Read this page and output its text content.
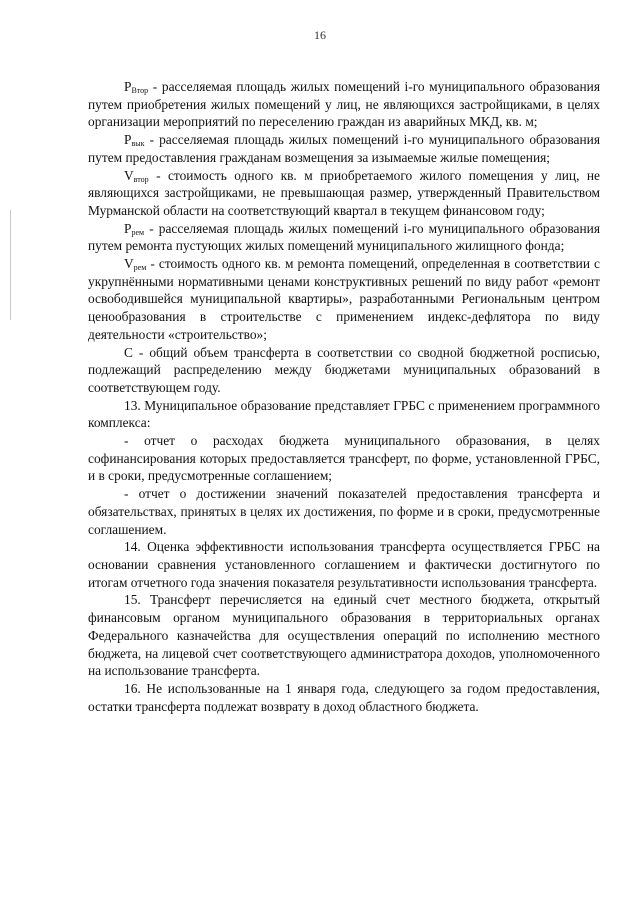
16

$P_{Втор}$ - расселяемая площадь жилых помещений i-го муниципального образования путем приобретения жилых помещений у лиц, не являющихся застройщиками, в целях организации мероприятий по переселению граждан из аварийных МКД, кв. м;

$P_{вык}$ - расселяемая площадь жилых помещений i-го муниципального образования путем предоставления гражданам возмещения за изымаемые жилые помещения;

$V_{втор}$ - стоимость одного кв. м приобретаемого жилого помещения у лиц, не являющихся застройщиками, не превышающая размер, утвержденный Правительством Мурманской области на соответствующий квартал в текущем финансовом году;

$P_{рем}$ - расселяемая площадь жилых помещений i-го муниципального образования путем ремонта пустующих жилых помещений муниципального жилищного фонда;

$V_{рем}$ - стоимость одного кв. м ремонта помещений, определенная в соответствии с укрупнёнными нормативными ценами конструктивных решений по виду работ «ремонт освободившейся муниципальной квартиры», разработанными Региональным центром ценообразования в строительстве с применением индекс-дефлятора по виду деятельности «строительство»;

С - общий объем трансферта в соответствии со сводной бюджетной росписью, подлежащий распределению между бюджетами муниципальных образований в соответствующем году.

13. Муниципальное образование представляет ГРБС с применением программного комплекса:

- отчет о расходах бюджета муниципального образования, в целях софинансирования которых предоставляется трансферт, по форме, установленной ГРБС, и в сроки, предусмотренные соглашением;

- отчет о достижении значений показателей предоставления трансферта и обязательствах, принятых в целях их достижения, по форме и в сроки, предусмотренные соглашением.

14. Оценка эффективности использования трансферта осуществляется ГРБС на основании сравнения установленного соглашением и фактически достигнутого по итогам отчетного года значения показателя результативности использования трансферта.

15. Трансферт перечисляется на единый счет местного бюджета, открытый финансовым органом муниципального образования в территориальных органах Федерального казначейства для осуществления операций по исполнению местного бюджета, на лицевой счет соответствующего администратора доходов, уполномоченного на использование трансферта.

16. Не использованные на 1 января года, следующего за годом предоставления, остатки трансферта подлежат возврату в доход областного бюджета.
